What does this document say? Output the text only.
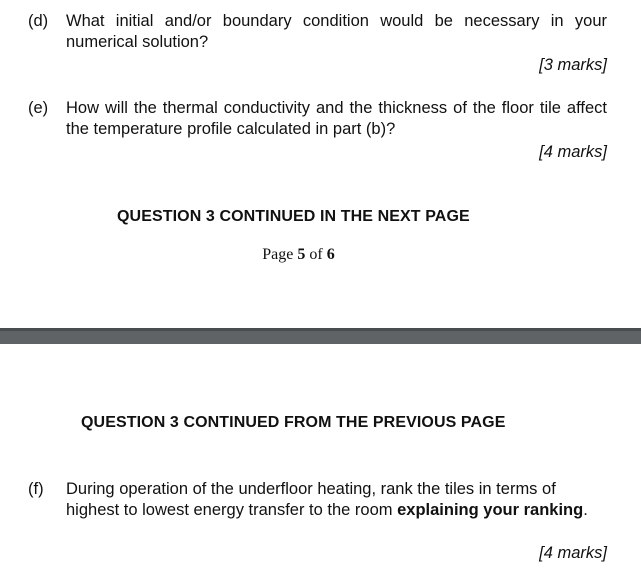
(d) What initial and/or boundary condition would be necessary in your numerical solution?
[3 marks]
(e) How will the thermal conductivity and the thickness of the floor tile affect the temperature profile calculated in part (b)?
[4 marks]
QUESTION 3 CONTINUED IN THE NEXT PAGE
Page 5 of 6
QUESTION 3 CONTINUED FROM THE PREVIOUS PAGE
(f) During operation of the underfloor heating, rank the tiles in terms of highest to lowest energy transfer to the room explaining your ranking.
[4 marks]
